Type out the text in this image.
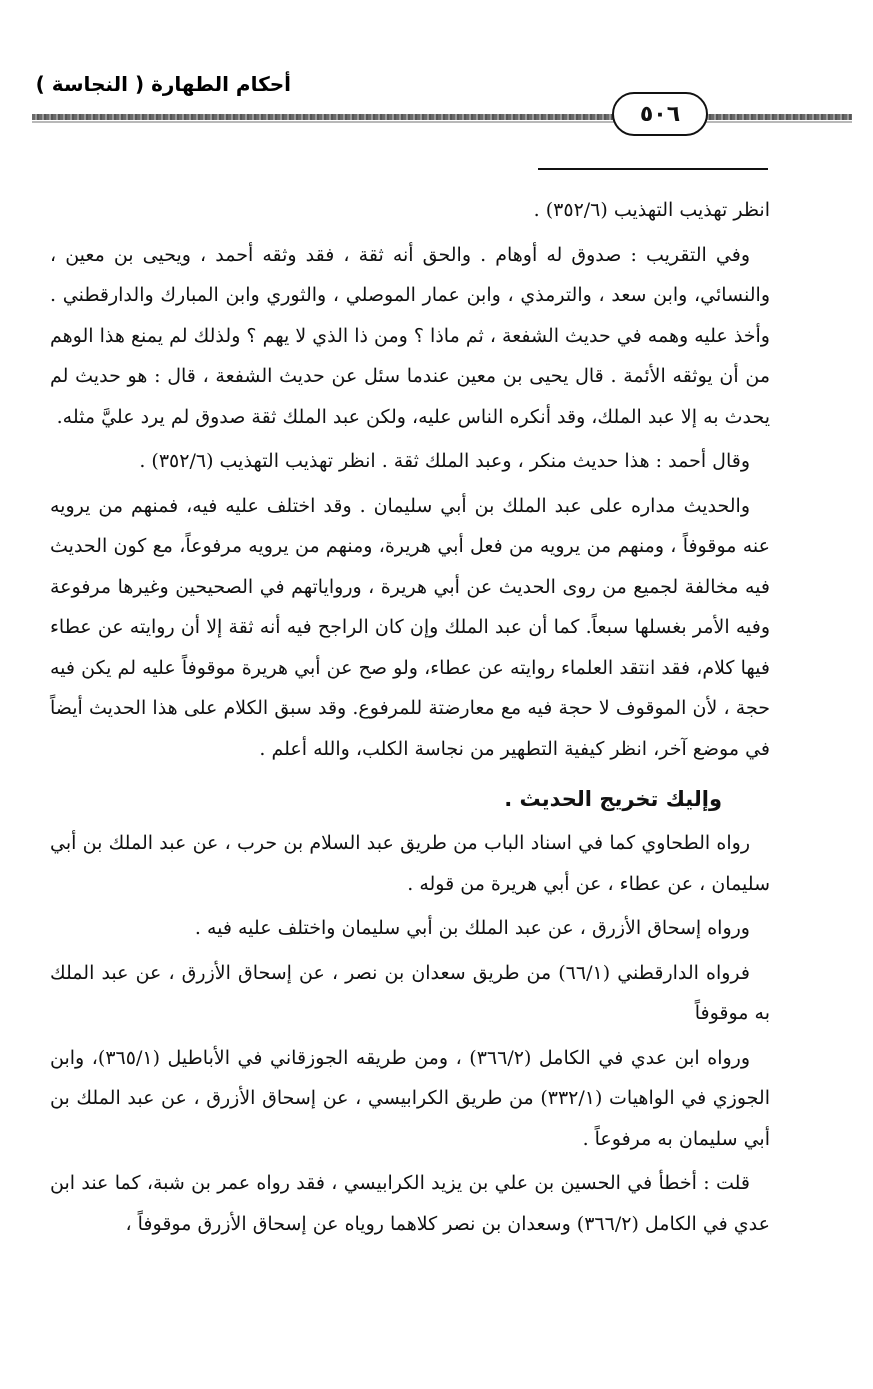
أحكام الطهارة ( النجاسة )
٥٠٦

انظر تهذيب التهذيب (٣٥٢/٦) .

وفي التقريب : صدوق له أوهام . والحق أنه ثقة ، فقد وثقه أحمد ، ويحيى بن معين ، والنسائي، وابن سعد ، والترمذي ، وابن عمار الموصلي ، والثوري وابن المبارك والدارقطني . وأخذ عليه وهمه في حديث الشفعة ، ثم ماذا ؟ ومن ذا الذي لا يهم ؟ ولذلك لم يمنع هذا الوهم من أن يوثقه الأئمة . قال يحيى بن معين عندما سئل عن حديث الشفعة ، قال : هو حديث لم يحدث به إلا عبد الملك، وقد أنكره الناس عليه، ولكن عبد الملك ثقة صدوق لم يرد عليَّ مثله.

وقال أحمد : هذا حديث منكر ، وعبد الملك ثقة . انظر تهذيب التهذيب (٣٥٢/٦) .

والحديث مداره على عبد الملك بن أبي سليمان . وقد اختلف عليه فيه، فمنهم من يرويه عنه موقوفاً ، ومنهم من يرويه من فعل أبي هريرة، ومنهم من يرويه مرفوعاً، مع كون الحديث فيه مخالفة لجميع من روى الحديث عن أبي هريرة ، ورواياتهم في الصحيحين وغيرها مرفوعة وفيه الأمر بغسلها سبعاً. كما أن عبد الملك وإن كان الراجح فيه أنه ثقة إلا أن روايته عن عطاء فيها كلام، فقد انتقد العلماء روايته عن عطاء، ولو صح عن أبي هريرة موقوفاً عليه لم يكن فيه حجة ، لأن الموقوف لا حجة فيه مع معارضتة للمرفوع. وقد سبق الكلام على هذا الحديث أيضاً في موضع آخر، انظر كيفية التطهير من نجاسة الكلب، والله أعلم .

وإليك تخريج الحديث .

رواه الطحاوي كما في اسناد الباب من طريق عبد السلام بن حرب ، عن عبد الملك بن أبي سليمان ، عن عطاء ، عن أبي هريرة من قوله .

ورواه إسحاق الأزرق ، عن عبد الملك بن أبي سليمان واختلف عليه فيه .

فرواه الدارقطني (٦٦/١) من طريق سعدان بن نصر ، عن إسحاق الأزرق ، عن عبد الملك به موقوفاً

ورواه ابن عدي في الكامل (٣٦٦/٢) ، ومن طريقه الجوزقاني في الأباطيل (٣٦٥/١)، وابن الجوزي في الواهيات (٣٣٢/١) من طريق الكرابيسي ، عن إسحاق الأزرق ، عن عبد الملك بن أبي سليمان به مرفوعاً .

قلت : أخطأ في الحسين بن علي بن يزيد الكرابيسي ، فقد رواه عمر بن شبة، كما عند ابن عدي في الكامل (٣٦٦/٢) وسعدان بن نصر كلاهما روياه عن إسحاق الأزرق موقوفاً ،
